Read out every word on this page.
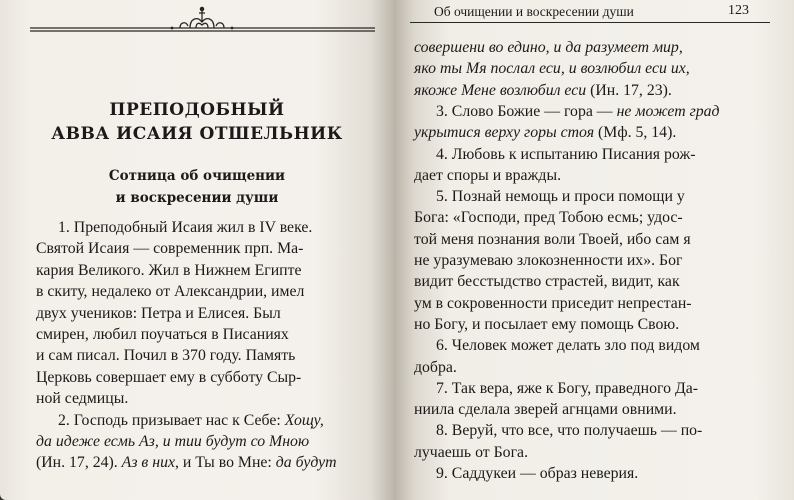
ПРЕПОДОБНЫЙ
АВВА ИСАИЯ ОТШЕЛЬНИК
Сотница об очищении
и воскресении души
1. Преподобный Исаия жил в IV веке.
Святой Исаия — современник прп. Ма-
кария Великого. Жил в Нижнем Египте
в скиту, недалеко от Александрии, имел
двух учеников: Петра и Елисея. Был
смирен, любил поучаться в Писаниях
и сам писал. Почил в 370 году. Память
Церковь совершает ему в субботу Сыр-
ной седмицы.
2. Господь призывает нас к Себе: Хощу,
да идеже есмь Аз, и тии будут со Мною
(Ин. 17, 24). Аз в них, и Ты во Мне: да будут
Об очищении и воскресении души	123
совершени во едино, и да разумеет мир,
яко ты Мя послал еси, и возлюбил еси их,
якоже Мене возлюбил еси (Ин. 17, 23).
3. Слово Божие — гора — не может град
укрытися верху горы стоя (Мф. 5, 14).
4. Любовь к испытанию Писания рож-
дает споры и вражды.
5. Познай немощь и проси помощи у
Бога: «Господи, пред Тобою есмь; удос-
той меня познания воли Твоей, ибо сам я
не уразумеваю злокозненности их». Бог
видит бесстыдство страстей, видит, как
ум в сокровенности приседит непрестан-
но Богу, и посылает ему помощь Свою.
6. Человек может делать зло под видом
добра.
7. Так вера, яже к Богу, праведного Да-
ниила сделала зверей агнцами овними.
8. Веруй, что все, что получаешь — по-
лучаешь от Бога.
9. Саддукеи — образ неверия.
